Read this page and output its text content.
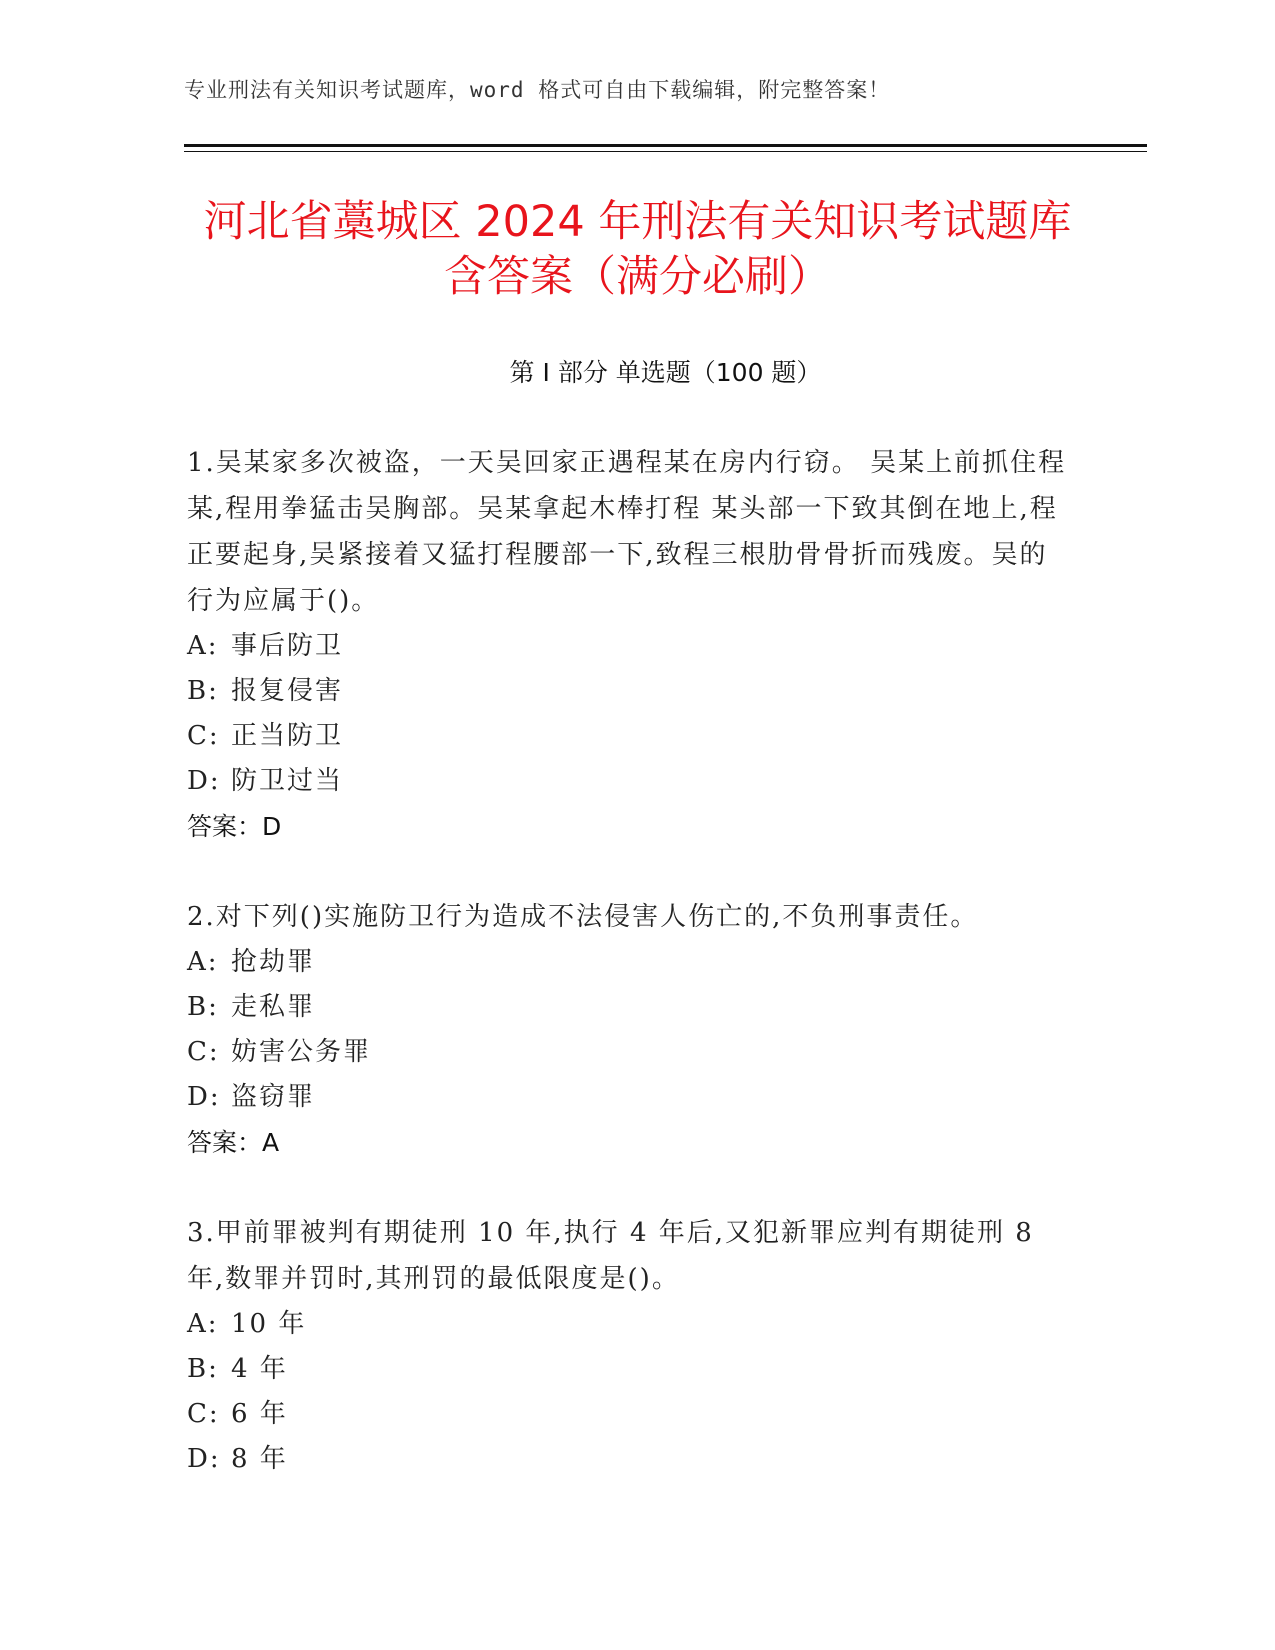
专业刑法有关知识考试题库，word 格式可自由下载编辑，附完整答案！
河北省藁城区 2024 年刑法有关知识考试题库
含答案（满分必刷）
第 I 部分 单选题（100 题）
1.吴某家多次被盗，一天吴回家正遇程某在房内行窃。 吴某上前抓住程某,程用拳猛击吴胸部。吴某拿起木棒打程 某头部一下致其倒在地上,程正要起身,吴紧接着又猛打程腰部一下,致程三根肋骨骨折而残废。吴的行为应属于()。
A: 事后防卫
B: 报复侵害
C: 正当防卫
D: 防卫过当
答案：D
2.对下列()实施防卫行为造成不法侵害人伤亡的,不负刑事责任。
A: 抢劫罪
B: 走私罪
C: 妨害公务罪
D: 盗窃罪
答案：A
3.甲前罪被判有期徒刑 10 年,执行 4 年后,又犯新罪应判有期徒刑 8 年,数罪并罚时,其刑罚的最低限度是()。
A: 10 年
B: 4 年
C: 6 年
D: 8 年
